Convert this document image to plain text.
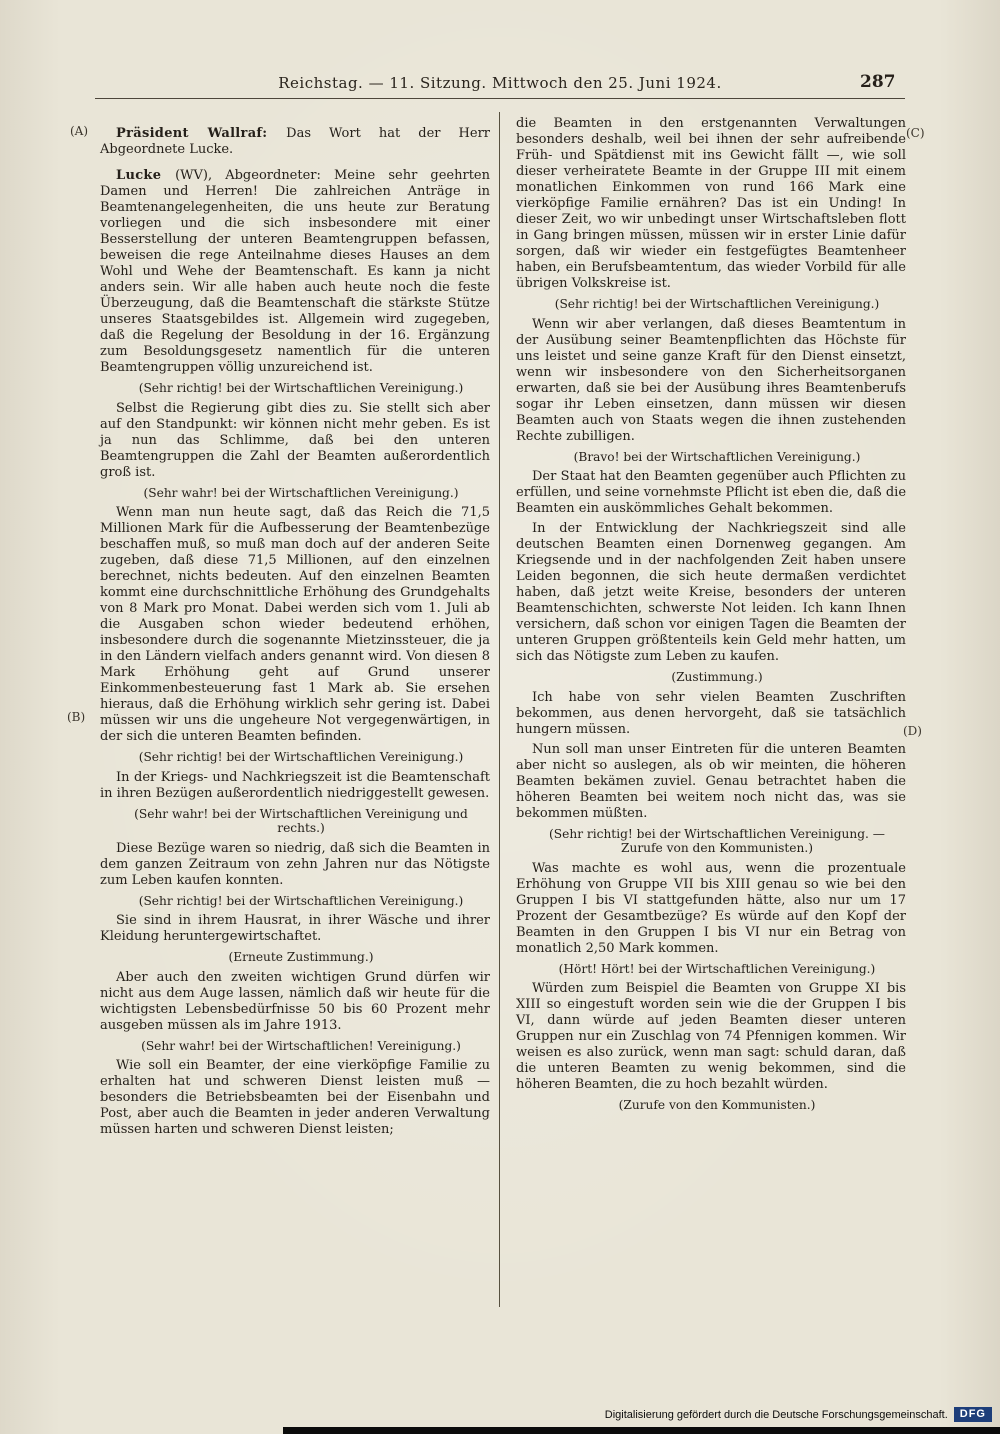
Reichstag. — 11. Sitzung. Mittwoch den 25. Juni 1924.	287
(A)
(B)
(C)
(D)

Präsident Wallraf: Das Wort hat der Herr Abgeordnete Lucke.

Lucke (WV), Abgeordneter: Meine sehr geehrten Damen und Herren! Die zahlreichen Anträge in Beamtenangelegenheiten, die uns heute zur Beratung vorliegen und die sich insbesondere mit einer Besserstellung der unteren Beamtengruppen befassen, beweisen die rege Anteilnahme dieses Hauses an dem Wohl und Wehe der Beamtenschaft. Es kann ja nicht anders sein. Wir alle haben auch heute noch die feste Überzeugung, daß die Beamtenschaft die stärkste Stütze unseres Staatsgebildes ist. Allgemein wird zugegeben, daß die Regelung der Besoldung in der 16. Ergänzung zum Besoldungsgesetz namentlich für die unteren Beamtengruppen völlig unzureichend ist.

(Sehr richtig! bei der Wirtschaftlichen Vereinigung.)

Selbst die Regierung gibt dies zu. Sie stellt sich aber auf den Standpunkt: wir können nicht mehr geben. Es ist ja nun das Schlimme, daß bei den unteren Beamtengruppen die Zahl der Beamten außerordentlich groß ist.

(Sehr wahr! bei der Wirtschaftlichen Vereinigung.)

Wenn man nun heute sagt, daß das Reich die 71,5 Millionen Mark für die Aufbesserung der Beamtenbezüge beschaffen muß, so muß man doch auf der anderen Seite zugeben, daß diese 71,5 Millionen, auf den einzelnen berechnet, nichts bedeuten. Auf den einzelnen Beamten kommt eine durchschnittliche Erhöhung des Grundgehalts von 8 Mark pro Monat. Dabei werden sich vom 1. Juli ab die Ausgaben schon wieder bedeutend erhöhen, insbesondere durch die sogenannte Mietzinssteuer, die ja in den Ländern vielfach anders genannt wird. Von diesen 8 Mark Erhöhung geht auf Grund unserer Einkommenbesteuerung fast 1 Mark ab. Sie ersehen hieraus, daß die Erhöhung wirklich sehr gering ist. Dabei müssen wir uns die ungeheure Not vergegenwärtigen, in der sich die unteren Beamten befinden.

(Sehr richtig! bei der Wirtschaftlichen Vereinigung.)

In der Kriegs- und Nachkriegszeit ist die Beamtenschaft in ihren Bezügen außerordentlich niedriggestellt gewesen.

(Sehr wahr! bei der Wirtschaftlichen Vereinigung und rechts.)

Diese Bezüge waren so niedrig, daß sich die Beamten in dem ganzen Zeitraum von zehn Jahren nur das Nötigste zum Leben kaufen konnten.

(Sehr richtig! bei der Wirtschaftlichen Vereinigung.)

Sie sind in ihrem Hausrat, in ihrer Wäsche und ihrer Kleidung heruntergewirtschaftet.

(Erneute Zustimmung.)

Aber auch den zweiten wichtigen Grund dürfen wir nicht aus dem Auge lassen, nämlich daß wir heute für die wichtigsten Lebensbedürfnisse 50 bis 60 Prozent mehr ausgeben müssen als im Jahre 1913.

(Sehr wahr! bei der Wirtschaftlichen! Vereinigung.)

Wie soll ein Beamter, der eine vierköpfige Familie zu erhalten hat und schweren Dienst leisten muß — besonders die Betriebsbeamten bei der Eisenbahn und Post, aber auch die Beamten in jeder anderen Verwaltung müssen harten und schweren Dienst leisten;

die Beamten in den erstgenannten Verwaltungen besonders deshalb, weil bei ihnen der sehr aufreibende Früh- und Spätdienst mit ins Gewicht fällt —, wie soll dieser verheiratete Beamte in der Gruppe III mit einem monatlichen Einkommen von rund 166 Mark eine vierköpfige Familie ernähren? Das ist ein Unding! In dieser Zeit, wo wir unbedingt unser Wirtschaftsleben flott in Gang bringen müssen, müssen wir in erster Linie dafür sorgen, daß wir wieder ein festgefügtes Beamtenheer haben, ein Berufsbeamtentum, das wieder Vorbild für alle übrigen Volkskreise ist.

(Sehr richtig! bei der Wirtschaftlichen Vereinigung.)

Wenn wir aber verlangen, daß dieses Beamtentum in der Ausübung seiner Beamtenpflichten das Höchste für uns leistet und seine ganze Kraft für den Dienst einsetzt, wenn wir insbesondere von den Sicherheitsorganen erwarten, daß sie bei der Ausübung ihres Beamtenberufs sogar ihr Leben einsetzen, dann müssen wir diesen Beamten auch von Staats wegen die ihnen zustehenden Rechte zubilligen.

(Bravo! bei der Wirtschaftlichen Vereinigung.)

Der Staat hat den Beamten gegenüber auch Pflichten zu erfüllen, und seine vornehmste Pflicht ist eben die, daß die Beamten ein auskömmliches Gehalt bekommen.

In der Entwicklung der Nachkriegszeit sind alle deutschen Beamten einen Dornenweg gegangen. Am Kriegsende und in der nachfolgenden Zeit haben unsere Leiden begonnen, die sich heute dermaßen verdichtet haben, daß jetzt weite Kreise, besonders der unteren Beamtenschichten, schwerste Not leiden. Ich kann Ihnen versichern, daß schon vor einigen Tagen die Beamten der unteren Gruppen größtenteils kein Geld mehr hatten, um sich das Nötigste zum Leben zu kaufen.

(Zustimmung.)

Ich habe von sehr vielen Beamten Zuschriften bekommen, aus denen hervorgeht, daß sie tatsächlich hungern müssen.

Nun soll man unser Eintreten für die unteren Beamten aber nicht so auslegen, als ob wir meinten, die höheren Beamten bekämen zuviel. Genau betrachtet haben die höheren Beamten bei weitem noch nicht das, was sie bekommen müßten.

(Sehr richtig! bei der Wirtschaftlichen Vereinigung. — Zurufe von den Kommunisten.)

Was machte es wohl aus, wenn die prozentuale Erhöhung von Gruppe VII bis XIII genau so wie bei den Gruppen I bis VI stattgefunden hätte, also nur um 17 Prozent der Gesamtbezüge? Es würde auf den Kopf der Beamten in den Gruppen I bis VI nur ein Betrag von monatlich 2,50 Mark kommen.

(Hört! Hört! bei der Wirtschaftlichen Vereinigung.)

Würden zum Beispiel die Beamten von Gruppe XI bis XIII so eingestuft worden sein wie die der Gruppen I bis VI, dann würde auf jeden Beamten dieser unteren Gruppen nur ein Zuschlag von 74 Pfennigen kommen. Wir weisen es also zurück, wenn man sagt: schuld daran, daß die unteren Beamten zu wenig bekommen, sind die höheren Beamten, die zu hoch bezahlt würden.

(Zurufe von den Kommunisten.)

Digitalisierung gefördert durch die Deutsche Forschungsgemeinschaft.	DFG
